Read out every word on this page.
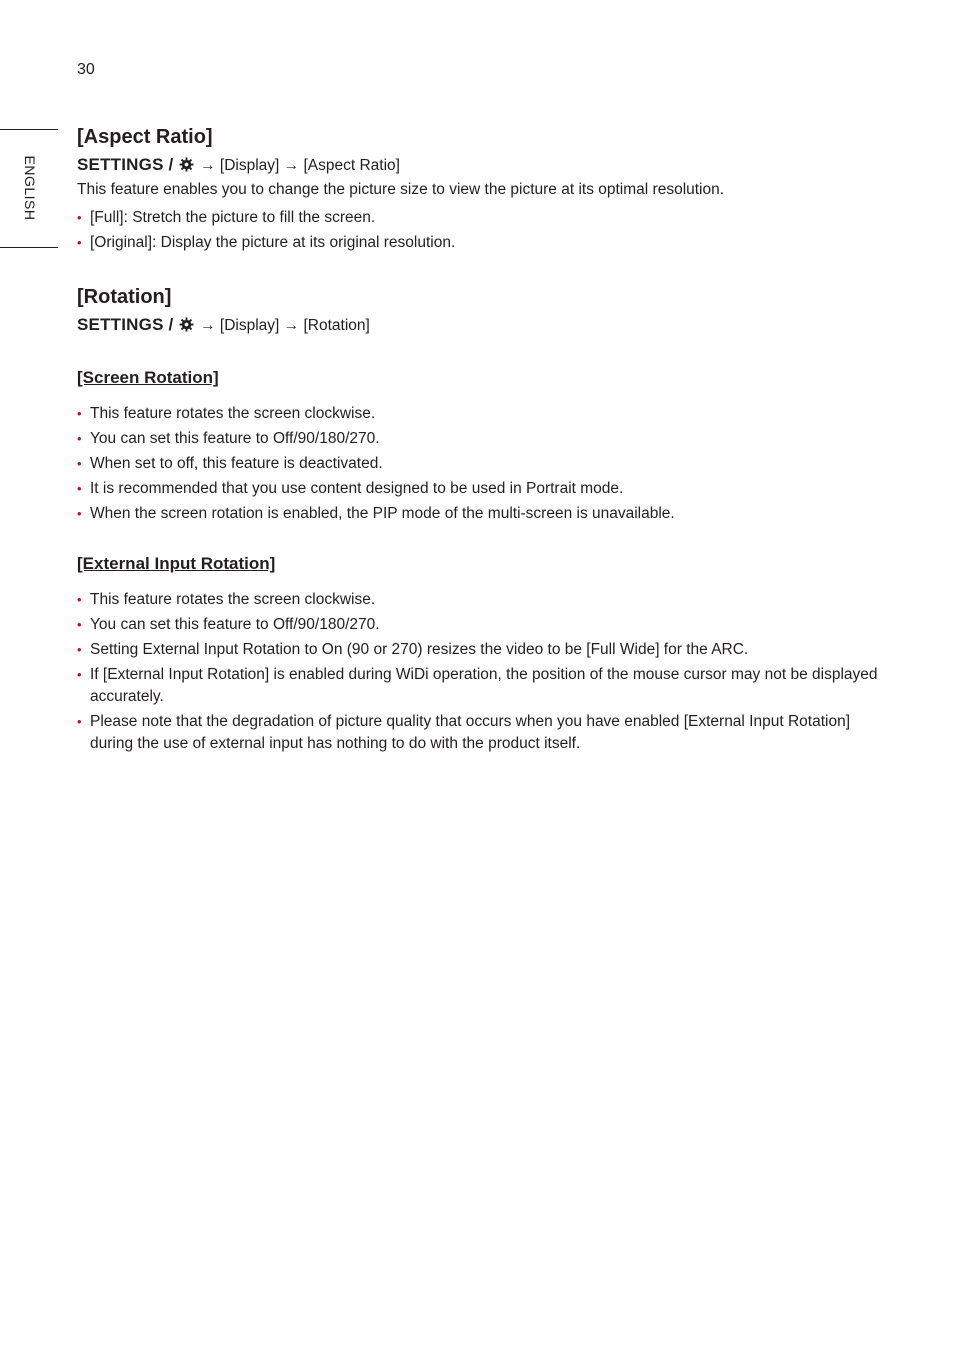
30
ENGLISH
[Aspect Ratio]

SETTINGS / → [Display] → [Aspect Ratio]

This feature enables you to change the picture size to view the picture at its optimal resolution.

• [Full]: Stretch the picture to fill the screen.
• [Original]: Display the picture at its original resolution.
[Rotation]

SETTINGS / → [Display] → [Rotation]

[Screen Rotation]
• This feature rotates the screen clockwise.
• You can set this feature to Off/90/180/270.
• When set to off, this feature is deactivated.
• It is recommended that you use content designed to be used in Portrait mode.
• When the screen rotation is enabled, the PIP mode of the multi-screen is unavailable.
[External Input Rotation]
• This feature rotates the screen clockwise.
• You can set this feature to Off/90/180/270.
• Setting External Input Rotation to On (90 or 270) resizes the video to be [Full Wide] for the ARC.
• If [External Input Rotation] is enabled during WiDi operation, the position of the mouse cursor may not be displayed accurately.
• Please note that the degradation of picture quality that occurs when you have enabled [External Input Rotation] during the use of external input has nothing to do with the product itself.
